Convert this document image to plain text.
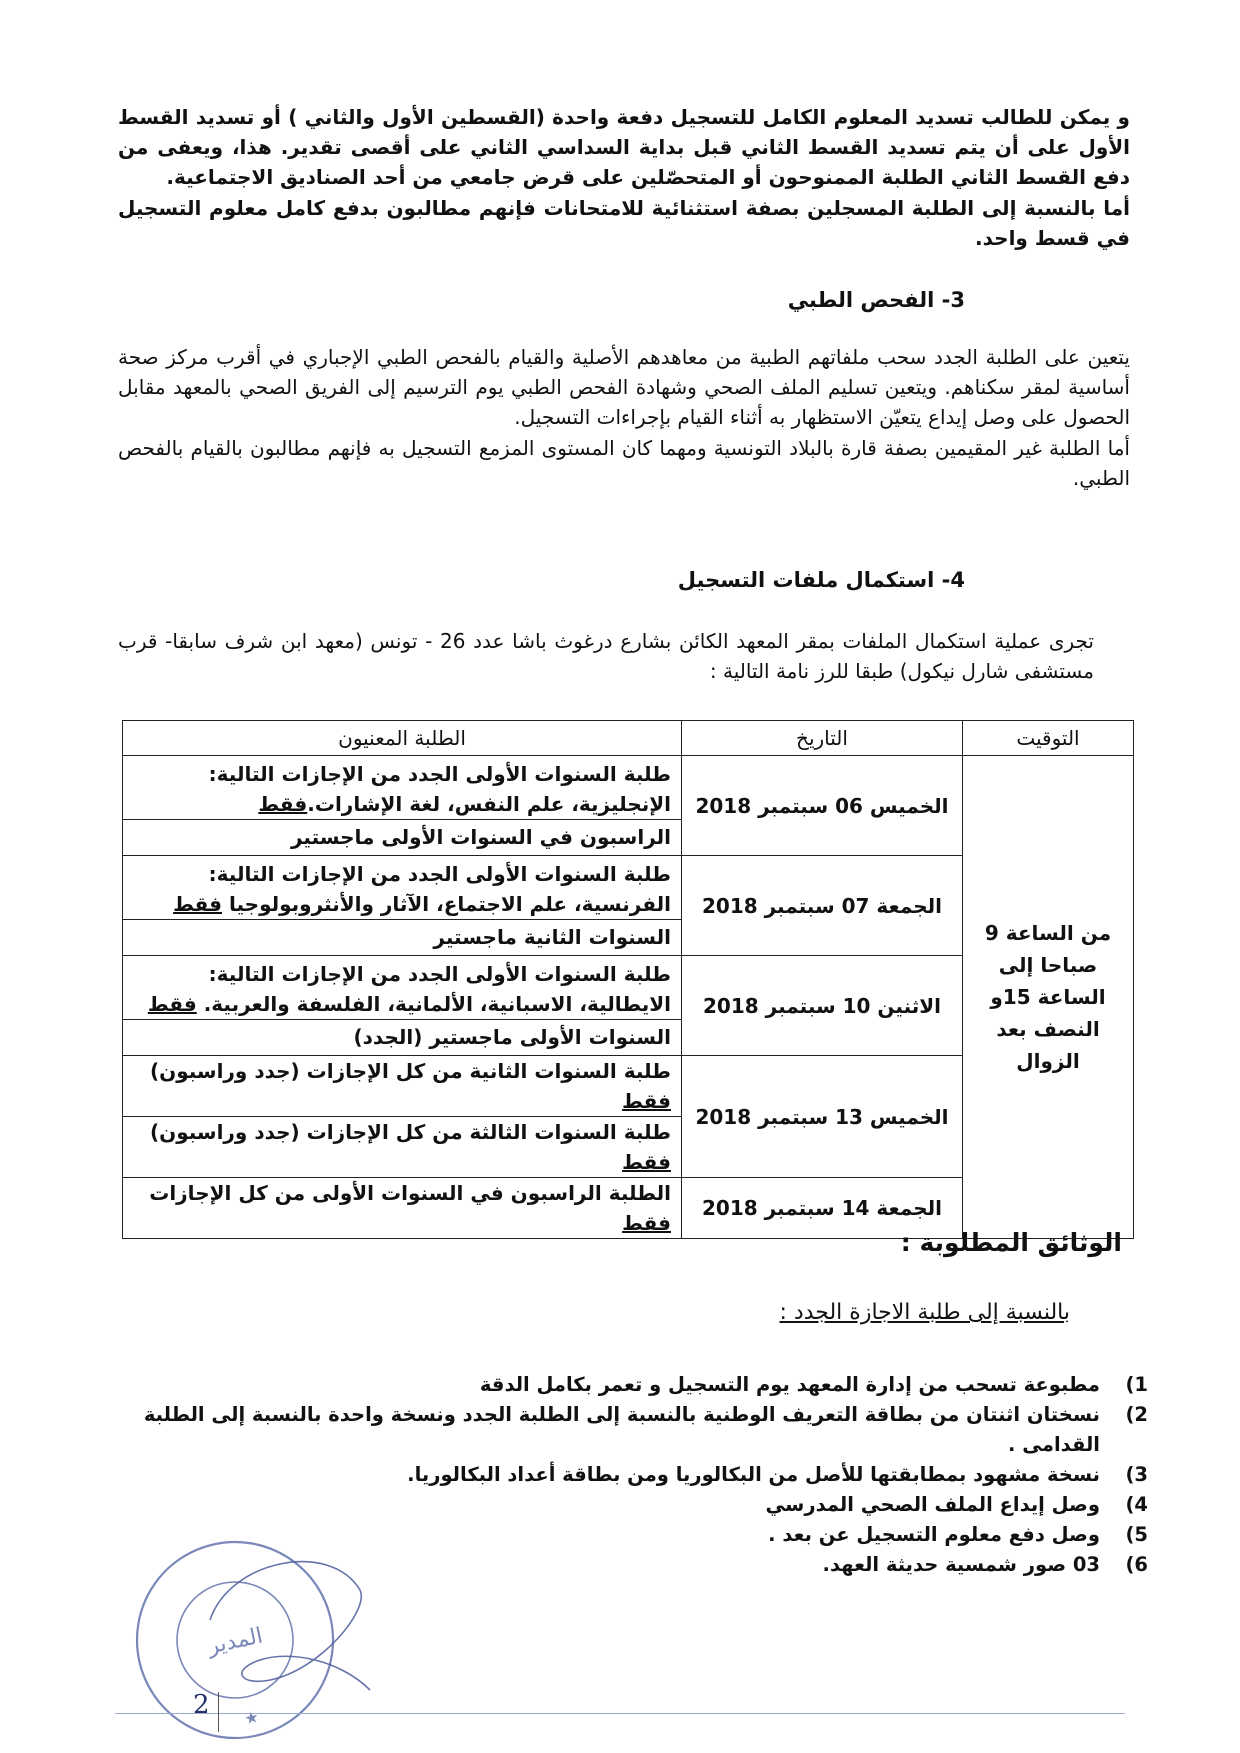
و يمكن للطالب تسديد المعلوم الكامل للتسجيل دفعة واحدة (القسطين الأول والثاني ) أو تسديد القسط الأول على أن يتم تسديد القسط الثاني قبل بداية السداسي الثاني على أقصى تقدير. هذا، ويعفى من دفع القسط الثاني الطلبة الممنوحون أو المتحصّلين على قرض جامعي من أحد الصناديق الاجتماعية.

أما بالنسبة إلى الطلبة المسجلين بصفة استثنائية للامتحانات فإنهم مطالبون بدفع كامل معلوم التسجيل في قسط واحد.

3- الفحص الطبي

يتعين على الطلبة الجدد سحب ملفاتهم الطبية من معاهدهم الأصلية والقيام بالفحص الطبي الإجباري في أقرب مركز صحة أساسية لمقر سكناهم. ويتعين تسليم الملف الصحي وشهادة الفحص الطبي يوم الترسيم إلى الفريق الصحي بالمعهد مقابل الحصول على وصل إيداع يتعيّن الاستظهار به أثناء القيام بإجراءات التسجيل.

أما الطلبة غير المقيمين بصفة قارة بالبلاد التونسية ومهما كان المستوى المزمع التسجيل به فإنهم مطالبون بالقيام بالفحص الطبي.

4- استكمال ملفات التسجيل

تجرى عملية استكمال الملفات بمقر المعهد الكائن بشارع درغوث باشا عدد 26 - تونس (معهد ابن شرف سابقا- قرب مستشفى شارل نيكول) طبقا للرز نامة التالية :

التوقيت	التاريخ	الطلبة المعنيون
من الساعة 9 صباحا إلى الساعة 15و النصف بعد الزوال	الخميس 06 سبتمبر 2018	طلبة السنوات الأولى الجدد من الإجازات التالية:
الإنجليزية، علم النفس، لغة الإشارات.فقط
الراسبون في السنوات الأولى ماجستير

	الجمعة 07 سبتمبر 2018	طلبة السنوات الأولى الجدد من الإجازات التالية:
الفرنسية، علم الاجتماع، الآثار والأنثروبولوجيا فقط
السنوات الثانية ماجستير

	الاثنين 10 سبتمبر 2018	طلبة السنوات الأولى الجدد من الإجازات التالية:
الايطالية، الاسبانية، الألمانية، الفلسفة والعربية. فقط
السنوات الأولى ماجستير (الجدد)

	الخميس 13 سبتمبر 2018	طلبة السنوات الثانية من كل الإجازات (جدد وراسبون) فقط
		طلبة السنوات الثالثة من كل الإجازات (جدد وراسبون) فقط
	الجمعة 14 سبتمبر 2018	الطلبة الراسبون في السنوات الأولى من كل الإجازات فقط

الوثائق المطلوبة :

بالنسبة إلى طلبة الاجازة الجدد :

1)
مطبوعة تسحب من إدارة المعهد يوم التسجيل و تعمر بكامل الدقة
2)
نسختان اثنتان من بطاقة التعريف الوطنية بالنسبة إلى الطلبة الجدد ونسخة واحدة بالنسبة إلى الطلبة القدامى .
3)
نسخة مشهود بمطابقتها للأصل من البكالوريا ومن بطاقة أعداد البكالوريا.
4)
وصل إيداع الملف الصحي المدرسي
5)
وصل دفع معلوم التسجيل عن بعد .
6)
03 صور شمسية حديثة العهد.
المدير
★
2
